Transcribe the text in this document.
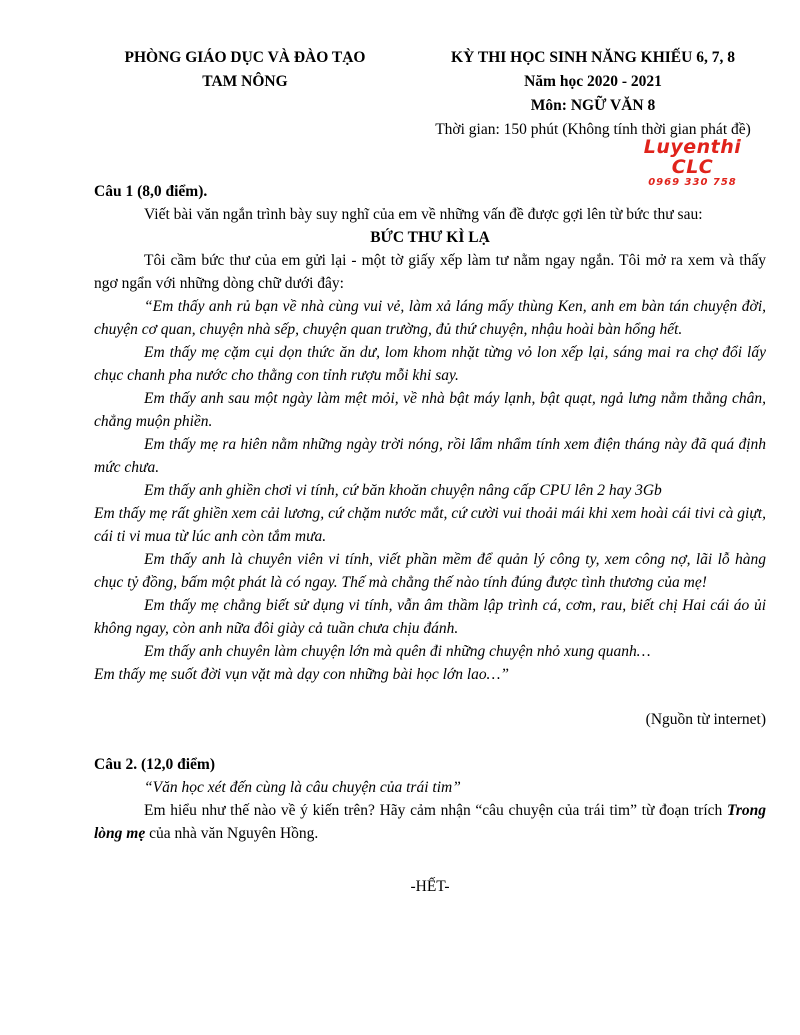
PHÒNG GIÁO DỤC VÀ ĐÀO TẠO
TAM NÔNG
KỲ THI HỌC SINH NĂNG KHIẾU 6, 7, 8
Năm học 2020 - 2021
Môn: NGỮ VĂN 8
Thời gian: 150 phút (Không tính thời gian phát đề)
Luyenthi CLC
0969 330 758

Câu 1 (8,0 điểm).

Viết bài văn ngắn trình bày suy nghĩ của em về những vấn đề được gợi lên từ bức thư sau:

BỨC THƯ KÌ LẠ

Tôi cầm bức thư của em gửi lại - một tờ giấy xếp làm tư nằm ngay ngắn. Tôi mở ra xem và thấy ngơ ngẩn với những dòng chữ dưới đây:

“Em thấy anh rủ bạn về nhà cùng vui vẻ, làm xả láng mấy thùng Ken, anh em bàn tán chuyện đời, chuyện cơ quan, chuyện nhà sếp, chuyện quan trường, đủ thứ chuyện, nhậu hoài bàn hổng hết.

Em thấy mẹ cặm cụi dọn thức ăn dư, lom khom nhặt từng vỏ lon xếp lại, sáng mai ra chợ đổi lấy chục chanh pha nước cho thằng con tỉnh rượu mỗi khi say.

Em thấy anh sau một ngày làm mệt mỏi, về nhà bật máy lạnh, bật quạt, ngả lưng nằm thẳng chân, chẳng muộn phiền.

Em thấy mẹ ra hiên nằm những ngày trời nóng, rồi lẩm nhẩm tính xem điện tháng này đã quá định mức chưa.

Em thấy anh ghiền chơi vi tính, cứ băn khoăn chuyện nâng cấp CPU lên 2 hay 3Gb

Em thấy mẹ rất ghiền xem cải lương, cứ chặm nước mắt, cứ cười vui thoải mái khi xem hoài cái tivi cà giựt, cái ti vi mua từ lúc anh còn tắm mưa.

Em thấy anh là chuyên viên vi tính, viết phần mềm để quản lý công ty, xem công nợ, lãi lỗ hàng chục tỷ đồng, bấm một phát là có ngay. Thế mà chẳng thế nào tính đúng được tình thương của mẹ!

Em thấy mẹ chẳng biết sử dụng vi tính, vẫn âm thầm lập trình cá, cơm, rau, biết chị Hai cái áo ủi không ngay, còn anh nữa đôi giày cả tuần chưa chịu đánh.

Em thấy anh chuyên làm chuyện lớn mà quên đi những chuyện nhỏ xung quanh…

Em thấy mẹ suốt đời vụn vặt mà dạy con những bài học lớn lao…”

(Nguồn từ internet)

Câu 2. (12,0 điểm)

“Văn học xét đến cùng là câu chuyện của trái tim”

Em hiểu như thế nào về ý kiến trên? Hãy cảm nhận “câu chuyện của trái tim” từ đoạn trích Trong lòng mẹ của nhà văn Nguyên Hồng.

-HẾT-
